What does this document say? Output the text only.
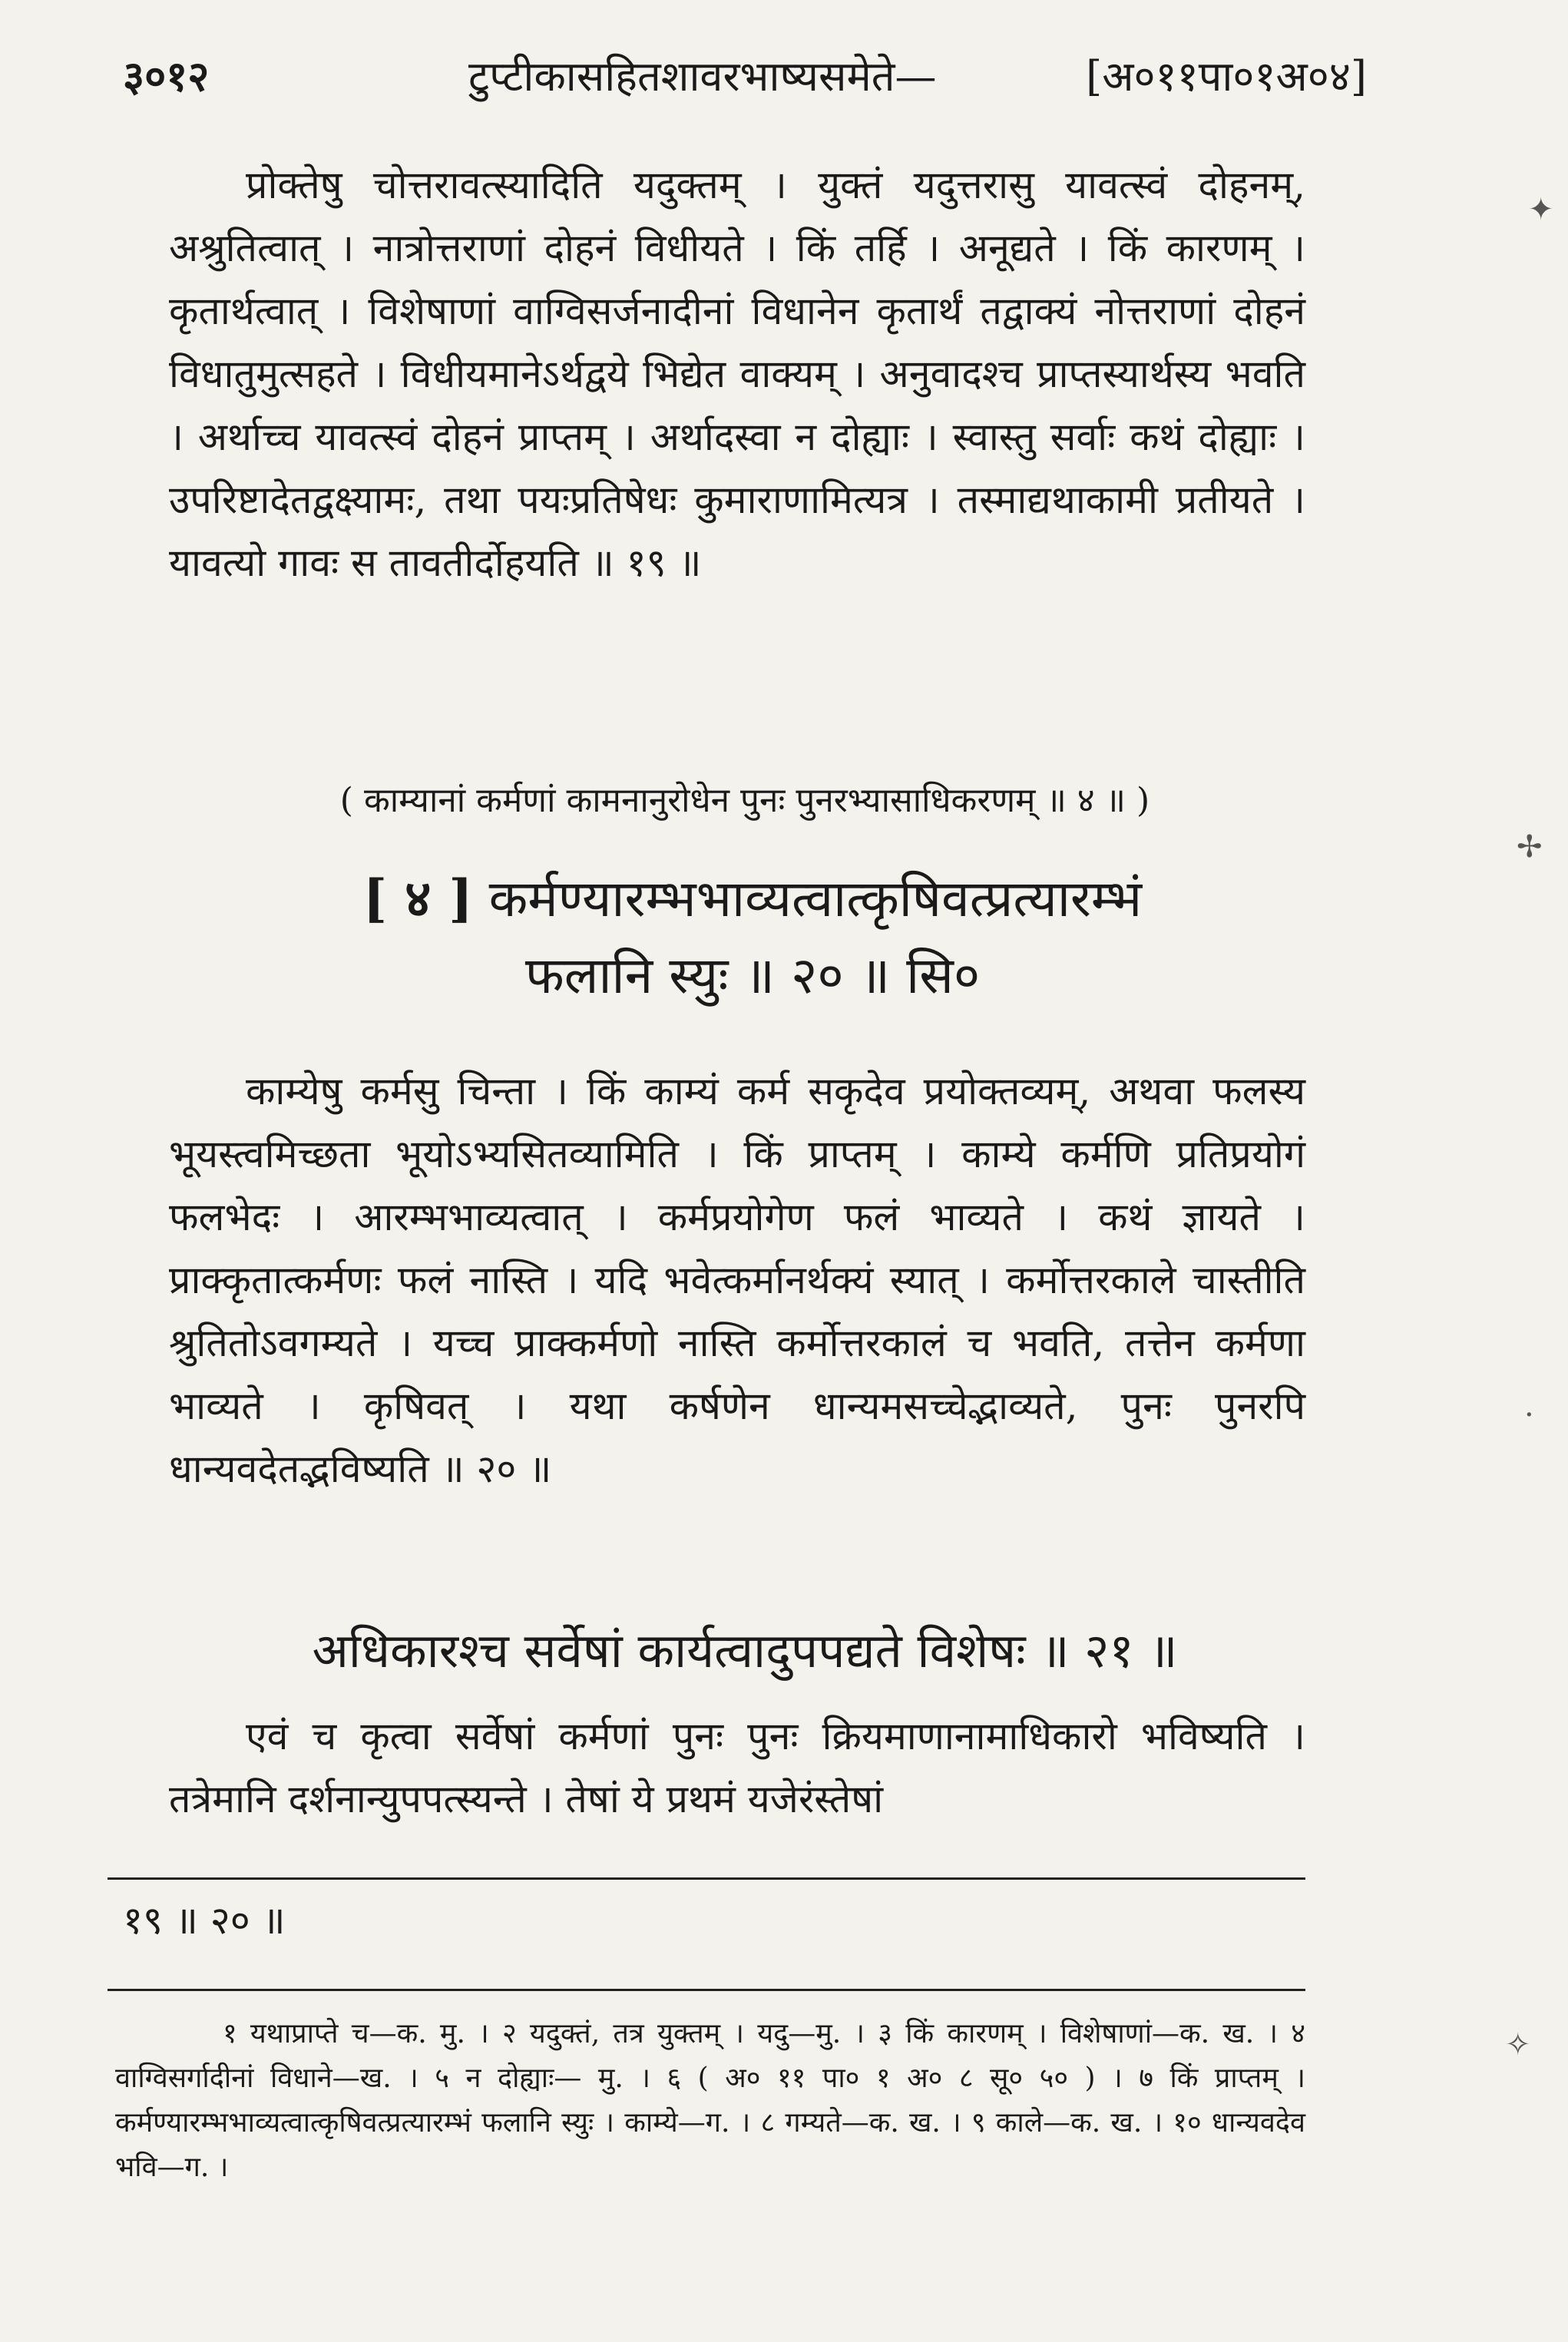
३०१२	टुप्टीकासहितशावरभाष्यसमेते—	[अ०११पा०१अ०४]

प्रोक्तेषु चोत्तरावत्स्यादिति यदुक्तम् । युक्तं यदुत्तरासु यावत्स्वं दोहनम्, अश्रुतित्वात् । नात्रोत्तराणां दोहनं विधीयते । किं तर्हि । अनूद्यते । किं कारणम् । कृतार्थत्वात् । विशेषाणां वाग्विसर्जनादीनां विधानेन कृतार्थं तद्वाक्यं नोत्तराणां दोहनं विधातुमुत्सहते । विधीयमानेऽर्थद्वये भिद्येत वाक्यम् । अनुवादश्च प्राप्तस्यार्थस्य भवति । अर्थाच्च यावत्स्वं दोहनं प्राप्तम् । अर्थादस्वा न दोह्याः । स्वास्तु सर्वाः कथं दोह्याः । उपरिष्टादेतद्वक्ष्यामः, तथा पयःप्रतिषेधः कुमाराणामित्यत्र । तस्माद्यथाकामी प्रतीयते । यावत्यो गावः स तावतीर्दोहयति ॥ १९ ॥

( काम्यानां कर्मणां कामनानुरोधेन पुनः पुनरभ्यासाधिकरणम् ॥ ४ ॥ )
[ ४ ] कर्मण्यारम्भभाव्यत्वात्कृषिवत्प्रत्यारम्भं
फलानि स्युः ॥ २० ॥ सि०

काम्येषु कर्मसु चिन्ता । किं काम्यं कर्म सकृदेव प्रयोक्तव्यम्, अथवा फलस्य भूयस्त्वमिच्छता भूयोऽभ्यसितव्यामिति । किं प्राप्तम् । काम्ये कर्मणि प्रतिप्रयोगं फलभेदः । आरम्भभाव्यत्वात् । कर्मप्रयोगेण फलं भाव्यते । कथं ज्ञायते । प्राक्कृतात्कर्मणः फलं नास्ति । यदि भवेत्कर्मानर्थक्यं स्यात् । कर्मोत्तरकाले चास्तीति श्रुतितोऽवगम्यते । यच्च प्राक्कर्मणो नास्ति कर्मोत्तरकालं च भवति, तत्तेन कर्मणा भाव्यते । कृषिवत् । यथा कर्षणेन धान्यमसच्चेद्भाव्यते, पुनः पुनरपि धान्यवदेतद्भविष्यति ॥ २० ॥

अधिकारश्च सर्वेषां कार्यत्वादुपपद्यते विशेषः ॥ २१ ॥

एवं च कृत्वा सर्वेषां कर्मणां पुनः पुनः क्रियमाणानामाधिकारो भविष्यति । तत्रेमानि दर्शनान्युपपत्स्यन्ते । तेषां ये प्रथमं यजेरंस्तेषां

१९ ॥ २० ॥
१ यथाप्राप्ते च—क. मु. । २ यदुक्तं, तत्र युक्तम् । यदु—मु. । ३ किं कारणम् । विशेषाणां—क. ख. । ४ वाग्विसर्गादीनां विधाने—ख. । ५ न दोह्याः— मु. । ६ ( अ० ११ पा० १ अ० ८ सू० ५० ) । ७ किं प्राप्तम् । कर्मण्यारम्भभाव्यत्वात्कृषिवत्प्रत्यारम्भं फलानि स्युः । काम्ये—ग. । ८ गम्यते—क. ख. । ९ काले—क. ख. । १० धान्यवदेव भवि—ग. ।
✦
✢
·
✧
